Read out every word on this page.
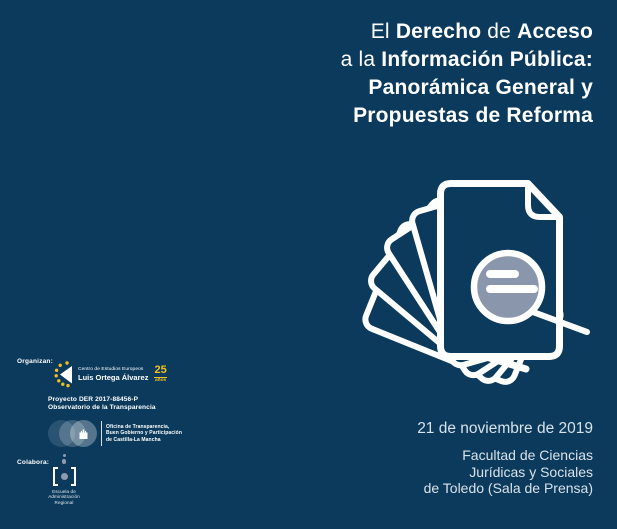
El Derecho de Acceso
a la Información Pública:
Panorámica General y
Propuestas de Reforma
21 de noviembre de 2019
Facultad de Ciencias
Jurídicas y Sociales
de Toledo (Sala de Prensa)
Organizan:
Centro de Estudios Europeos
Luis Ortega Álvarez
25
años
Proyecto DER 2017-88456-P
Observatorio de la Transparencia
Oficina de Transparencia,
Buen Gobierno y Participación
de Castilla-La Mancha
Colabora:
Escuela de
Administración
Regional
